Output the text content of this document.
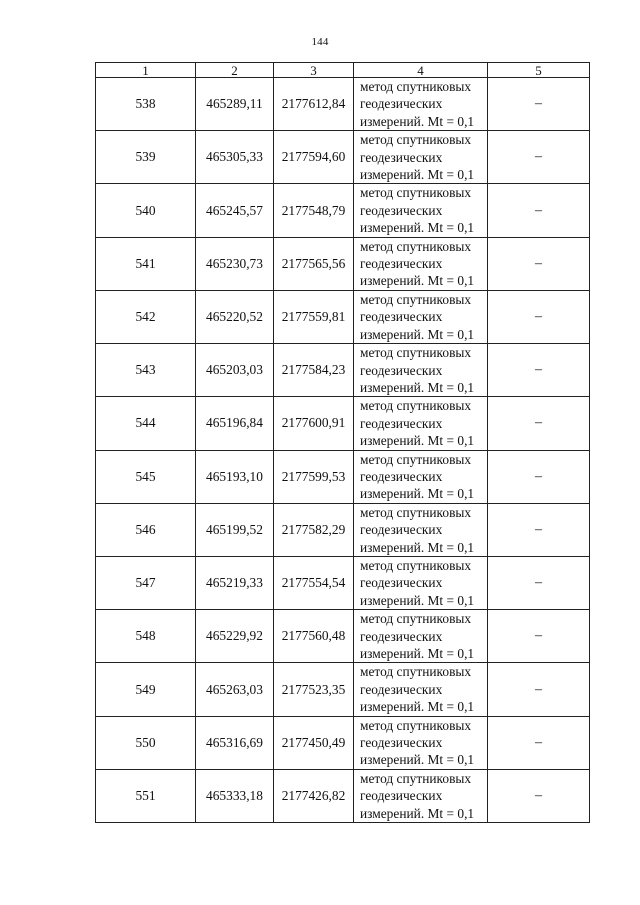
144
1	2	3	4	5
538	465289,11	2177612,84	метод спутниковых
геодезических
измерений. Mt = 0,1	–
539	465305,33	2177594,60	метод спутниковых
геодезических
измерений. Mt = 0,1	–
540	465245,57	2177548,79	метод спутниковых
геодезических
измерений. Mt = 0,1	–
541	465230,73	2177565,56	метод спутниковых
геодезических
измерений. Mt = 0,1	–
542	465220,52	2177559,81	метод спутниковых
геодезических
измерений. Mt = 0,1	–
543	465203,03	2177584,23	метод спутниковых
геодезических
измерений. Mt = 0,1	–
544	465196,84	2177600,91	метод спутниковых
геодезических
измерений. Mt = 0,1	–
545	465193,10	2177599,53	метод спутниковых
геодезических
измерений. Mt = 0,1	–
546	465199,52	2177582,29	метод спутниковых
геодезических
измерений. Mt = 0,1	–
547	465219,33	2177554,54	метод спутниковых
геодезических
измерений. Mt = 0,1	–
548	465229,92	2177560,48	метод спутниковых
геодезических
измерений. Mt = 0,1	–
549	465263,03	2177523,35	метод спутниковых
геодезических
измерений. Mt = 0,1	–
550	465316,69	2177450,49	метод спутниковых
геодезических
измерений. Mt = 0,1	–
551	465333,18	2177426,82	метод спутниковых
геодезических
измерений. Mt = 0,1	–
